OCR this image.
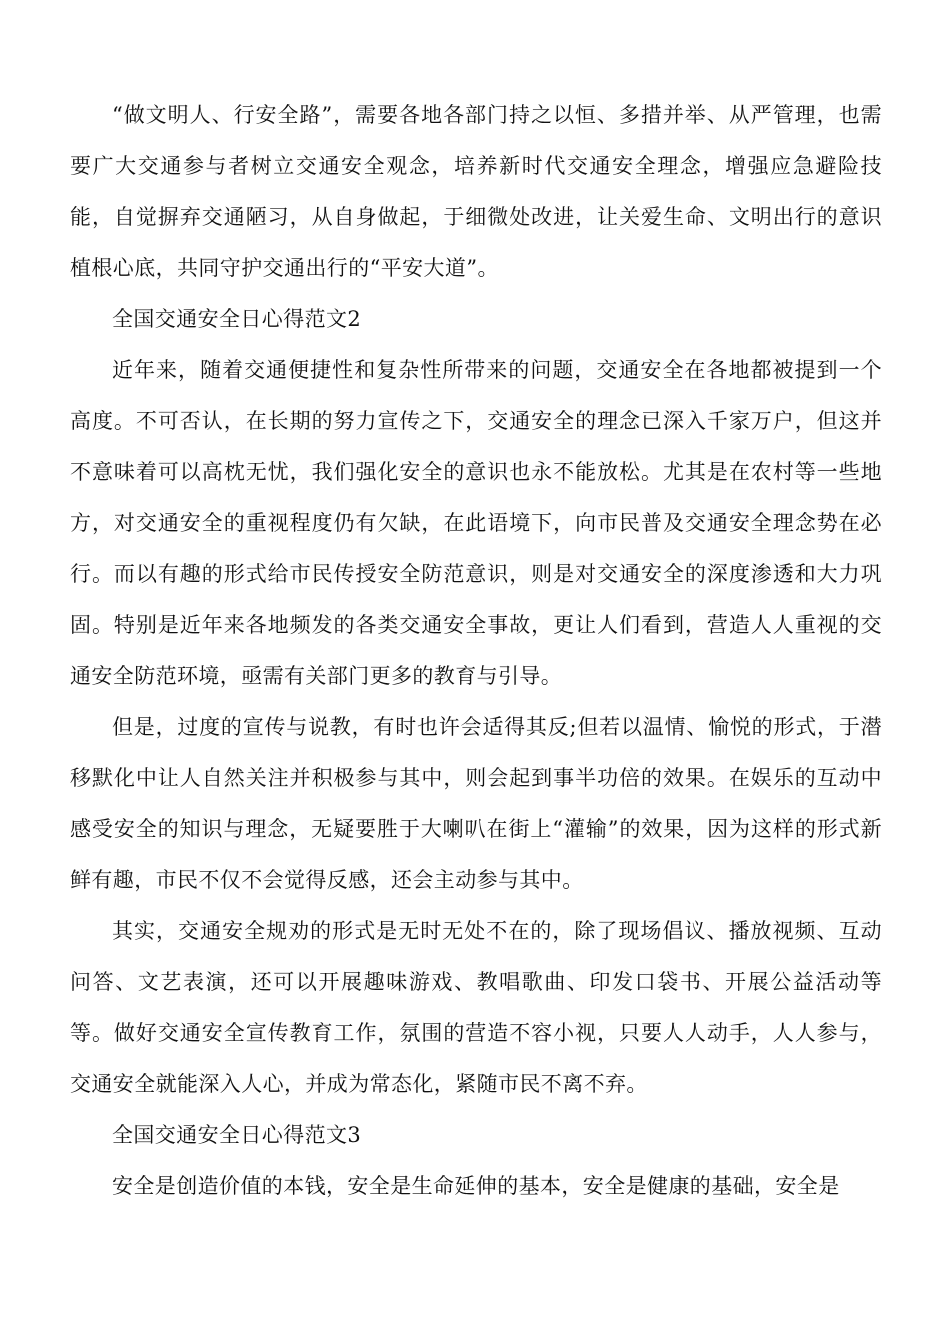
“做文明人、行安全路”，需要各地各部门持之以恒、多措并举、从严管理，也需要广大交通参与者树立交通安全观念，培养新时代交通安全理念，增强应急避险技能，自觉摒弃交通陋习，从自身做起，于细微处改进，让关爱生命、文明出行的意识植根心底，共同守护交通出行的“平安大道”。

全国交通安全日心得范文2

近年来，随着交通便捷性和复杂性所带来的问题，交通安全在各地都被提到一个高度。不可否认，在长期的努力宣传之下，交通安全的理念已深入千家万户，但这并不意味着可以高枕无忧，我们强化安全的意识也永不能放松。尤其是在农村等一些地方，对交通安全的重视程度仍有欠缺，在此语境下，向市民普及交通安全理念势在必行。而以有趣的形式给市民传授安全防范意识，则是对交通安全的深度渗透和大力巩固。特别是近年来各地频发的各类交通安全事故，更让人们看到，营造人人重视的交通安全防范环境，亟需有关部门更多的教育与引导。

但是，过度的宣传与说教，有时也许会适得其反;但若以温情、愉悦的形式，于潜移默化中让人自然关注并积极参与其中，则会起到事半功倍的效果。在娱乐的互动中感受安全的知识与理念，无疑要胜于大喇叭在街上“灌输”的效果，因为这样的形式新鲜有趣，市民不仅不会觉得反感，还会主动参与其中。

其实，交通安全规劝的形式是无时无处不在的，除了现场倡议、播放视频、互动问答、文艺表演，还可以开展趣味游戏、教唱歌曲、印发口袋书、开展公益活动等等。做好交通安全宣传教育工作，氛围的营造不容小视，只要人人动手，人人参与，交通安全就能深入人心，并成为常态化，紧随市民不离不弃。

全国交通安全日心得范文3

安全是创造价值的本钱，安全是生命延伸的基本，安全是健康的基础，安全是
